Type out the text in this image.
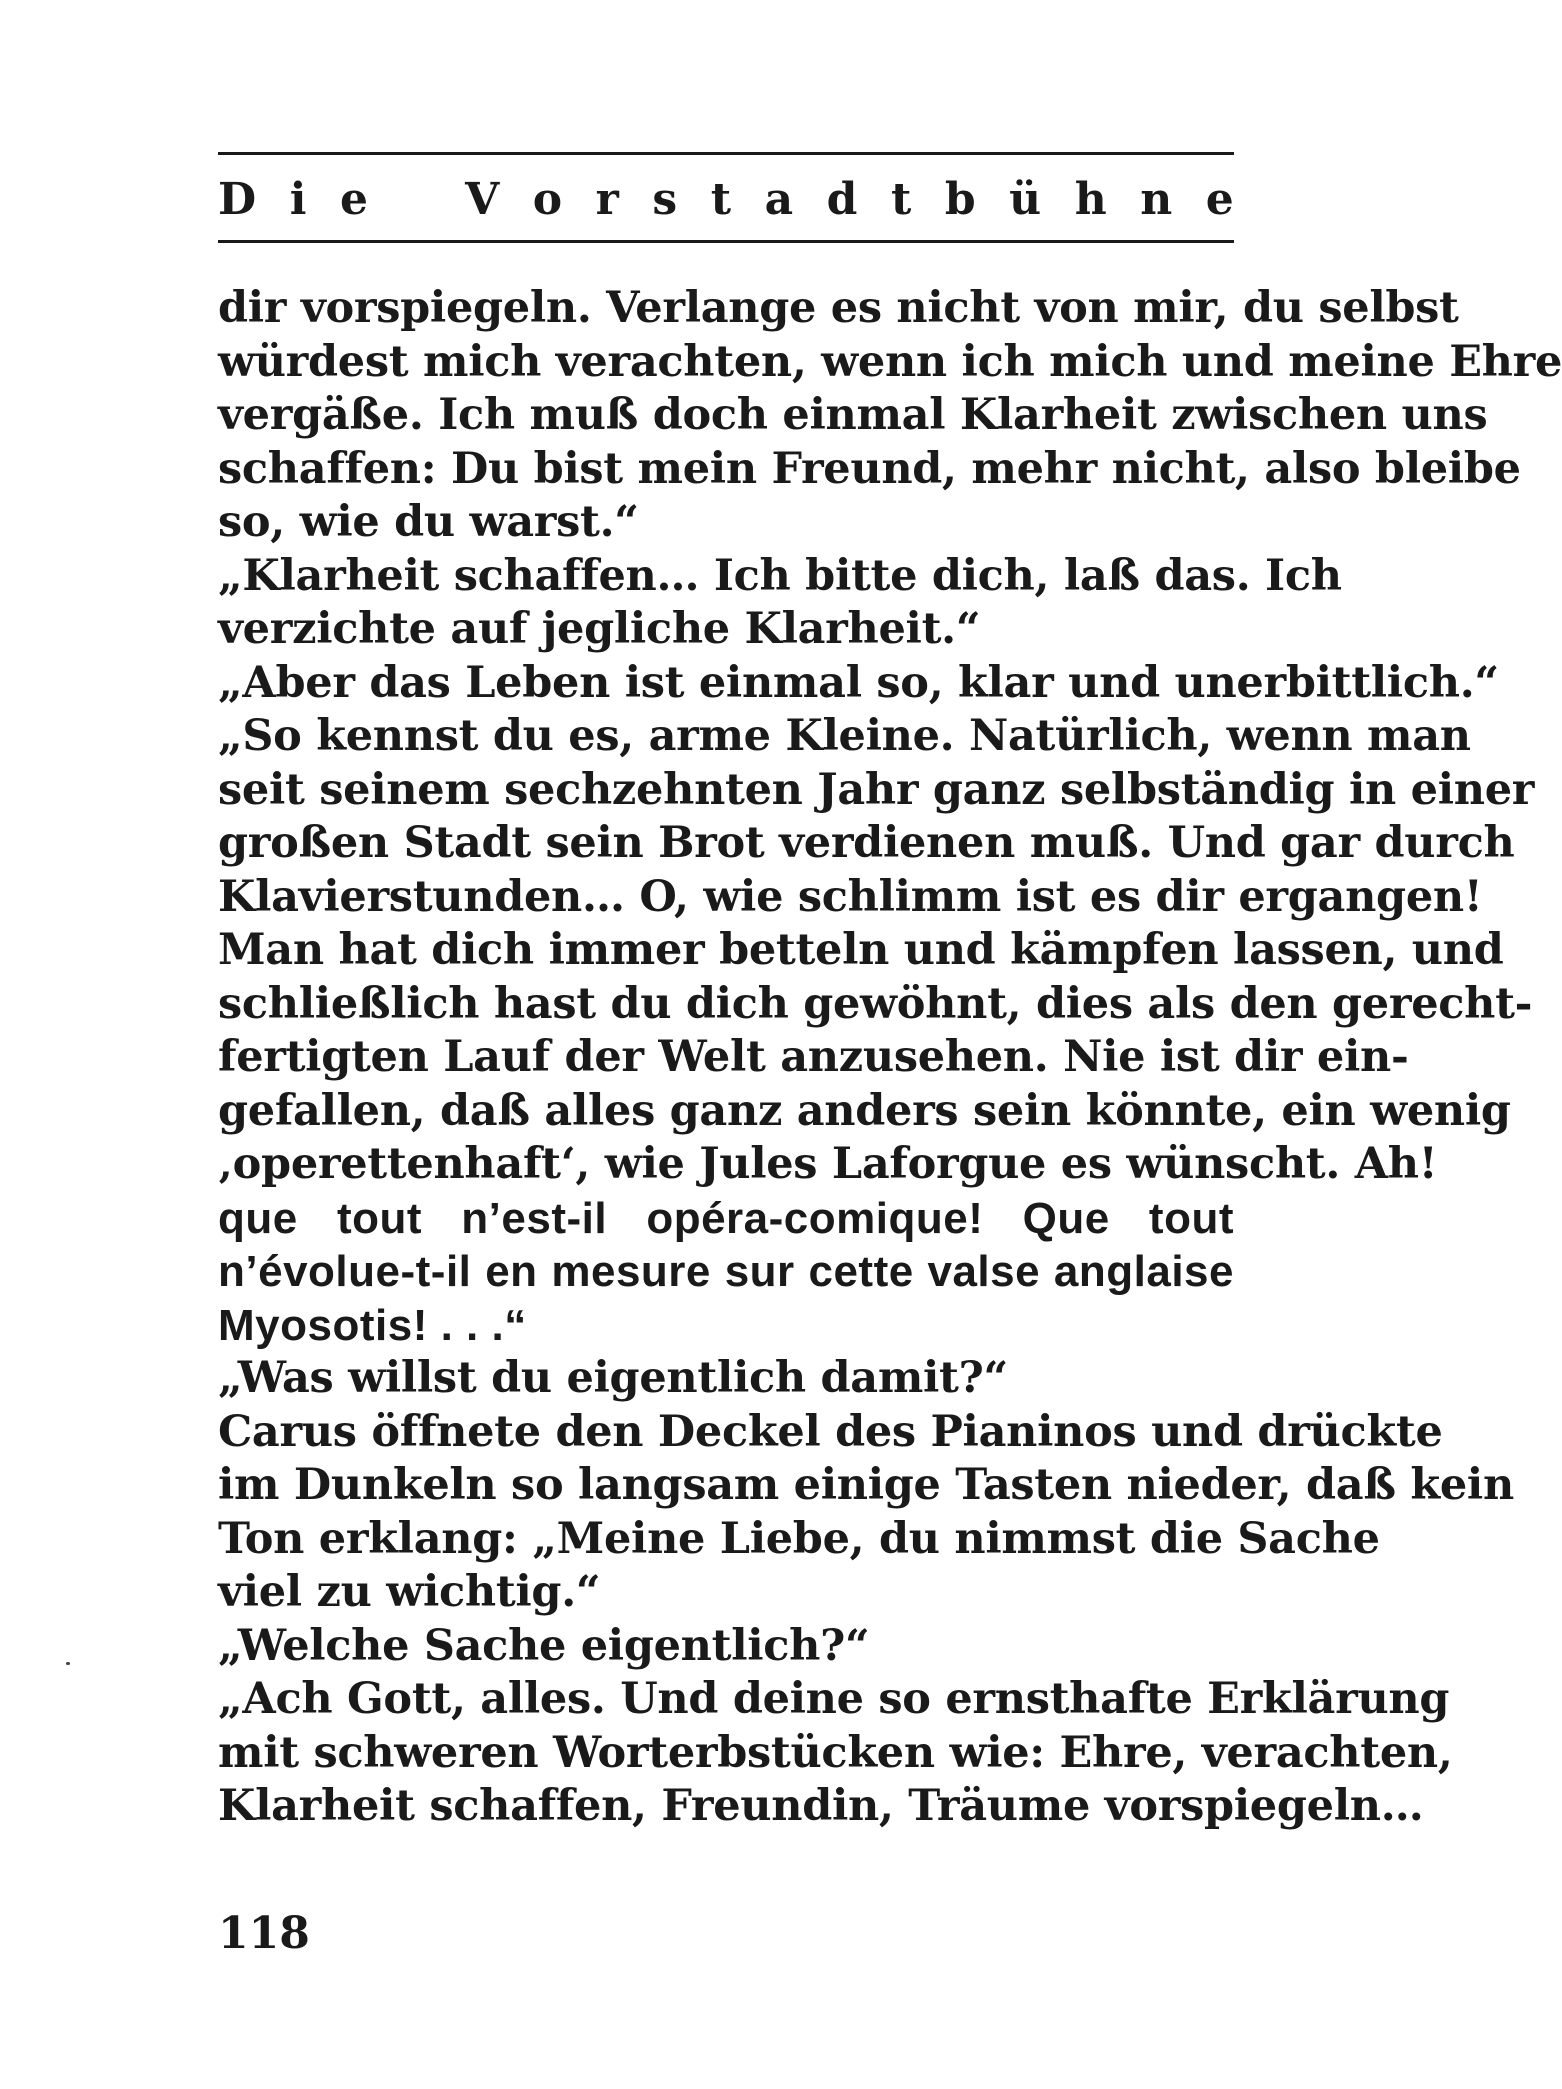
D i e V o r s t a d t b ü h n e
dir vorspiegeln. Verlange es nicht von mir, du selbst
würdest mich verachten, wenn ich mich und meine Ehre
vergäße. Ich muß doch einmal Klarheit zwischen uns
schaffen: Du bist mein Freund, mehr nicht, also bleibe
so, wie du warst.“
„Klarheit schaffen… Ich bitte dich, laß das. Ich
verzichte auf jegliche Klarheit.“
„Aber das Leben ist einmal so, klar und unerbittlich.“
„So kennst du es, arme Kleine. Natürlich, wenn man
seit seinem sechzehnten Jahr ganz selbständig in einer
großen Stadt sein Brot verdienen muß. Und gar durch
Klavierstunden… O, wie schlimm ist es dir ergangen!
Man hat dich immer betteln und kämpfen lassen, und
schließlich hast du dich gewöhnt, dies als den gerecht-
fertigten Lauf der Welt anzusehen. Nie ist dir ein-
gefallen, daß alles ganz anders sein könnte, ein wenig
‚operettenhaft‘, wie Jules Laforgue es wünscht. Ah!
que tout n’est-il opéra-comique! Que tout
n’évolue-t-il en mesure sur cette valse anglaise
Myosotis! . . .“
„Was willst du eigentlich damit?“
Carus öffnete den Deckel des Pianinos und drückte
im Dunkeln so langsam einige Tasten nieder, daß kein
Ton erklang: „Meine Liebe, du nimmst die Sache
viel zu wichtig.“
„Welche Sache eigentlich?“
„Ach Gott, alles. Und deine so ernsthafte Erklärung
mit schweren Worterbstücken wie: Ehre, verachten,
Klarheit schaffen, Freundin, Träume vorspiegeln…
118
